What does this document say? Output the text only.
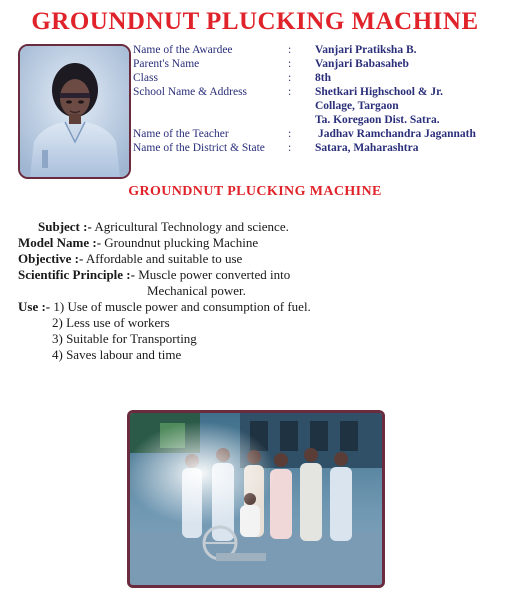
GROUNDNUT PLUCKING MACHINE
Name of the Awardee	: Vanjari Pratiksha B.
Parent's Name	: Vanjari Babasaheb
Class	: 8th
School Name & Address	: Shetkari Highschool & Jr.
Collage, Targaon
Ta. Koregaon Dist. Satra.
Name of the Teacher	: Jadhav Ramchandra Jagannath
Name of the District & State : Satara, Maharashtra
GROUNDNUT PLUCKING MACHINE
Subject :- Agricultural Technology and science.
Model Name :- Groundnut plucking Machine
Objective :- Affordable and suitable to use
Scientific Principle :- Muscle power converted into
Mechanical power.
Use :- 1) Use of muscle power and consumption of fuel.
2) Less use of workers
3) Suitable for Transporting
4) Saves labour and time
